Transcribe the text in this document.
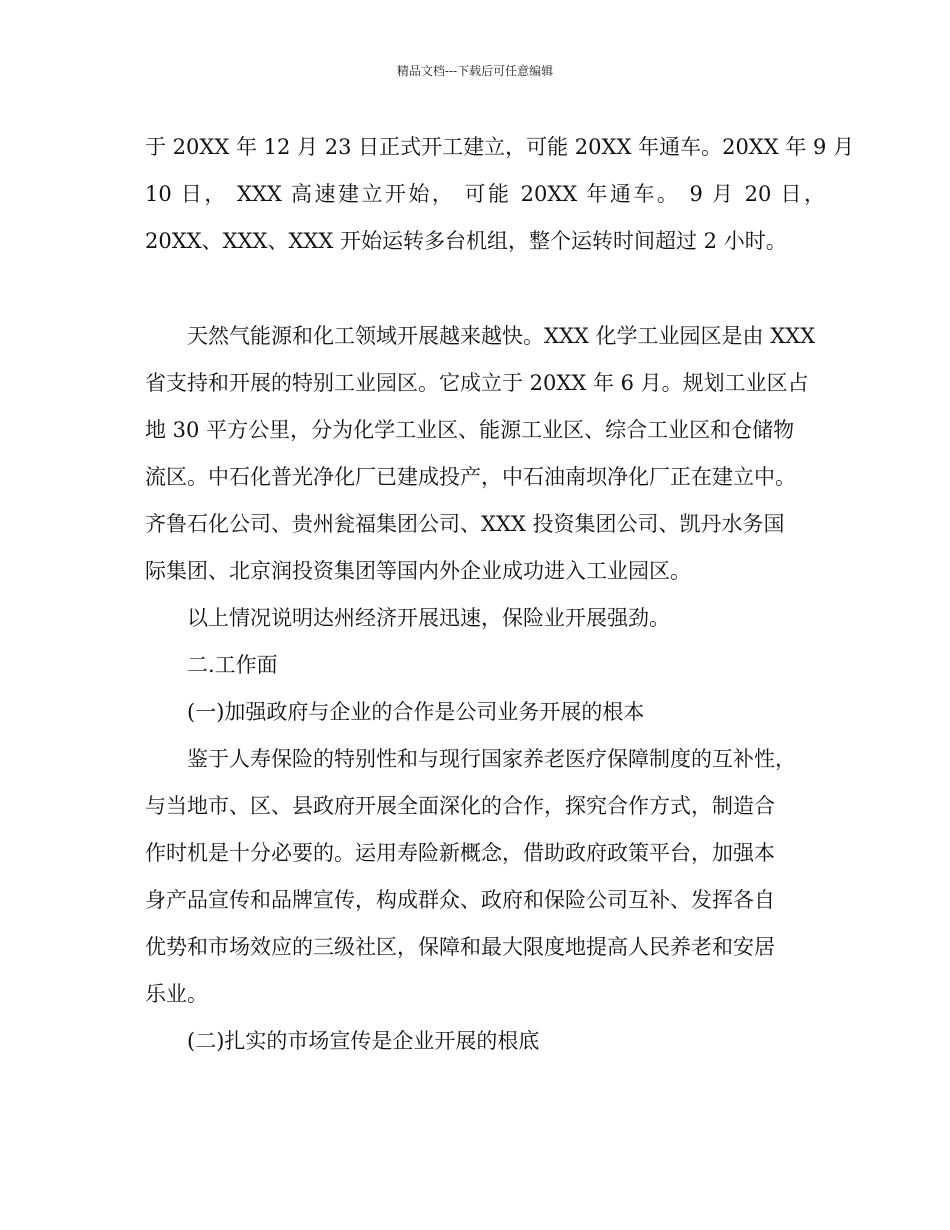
精品文档---下载后可任意编辑
于 20XX 年 12 月 23 日正式开工建立，可能 20XX 年通车。20XX 年 9 月
10 日， XXX 高速建立开始， 可能 20XX 年通车。 9 月 20 日，
20XX、XXX、XXX 开始运转多台机组，整个运转时间超过 2 小时。
天然气能源和化工领域开展越来越快。XXX 化学工业园区是由 XXX
省支持和开展的特别工业园区。它成立于 20XX 年 6 月。规划工业区占
地 30 平方公里，分为化学工业区、能源工业区、综合工业区和仓储物
流区。中石化普光净化厂已建成投产，中石油南坝净化厂正在建立中。
齐鲁石化公司、贵州瓮福集团公司、XXX 投资集团公司、凯丹水务国
际集团、北京润投资集团等国内外企业成功进入工业园区。
以上情况说明达州经济开展迅速，保险业开展强劲。
二.工作面
(一)加强政府与企业的合作是公司业务开展的根本
鉴于人寿保险的特别性和与现行国家养老医疗保障制度的互补性，
与当地市、区、县政府开展全面深化的合作，探究合作方式，制造合
作时机是十分必要的。运用寿险新概念，借助政府政策平台，加强本
身产品宣传和品牌宣传，构成群众、政府和保险公司互补、发挥各自
优势和市场效应的三级社区，保障和最大限度地提高人民养老和安居
乐业。
(二)扎实的市场宣传是企业开展的根底
